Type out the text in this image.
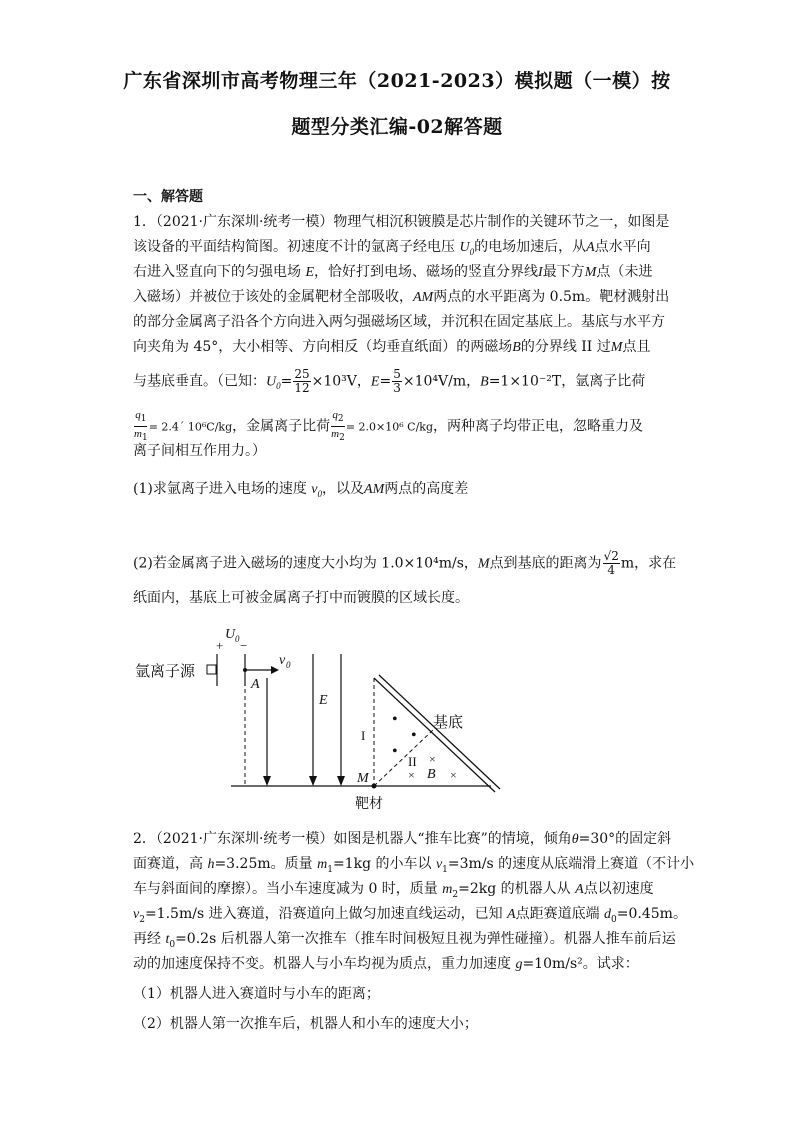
广东省深圳市高考物理三年（2021-2023）模拟题（一模）按
题型分类汇编-02解答题
一、解答题
1．（2021·广东深圳·统考一模）物理气相沉积镀膜是芯片制作的关键环节之一，如图是
该设备的平面结构简图。初速度不计的氩离子经电压 $U_0$的电场加速后，从A点水平向
右进入竖直向下的匀强电场 E，恰好打到电场、磁场的竖直分界线I最下方M点（未进
入磁场）并被位于该处的金属靶材全部吸收，AM两点的水平距离为 0.5m。靶材溅射出
的部分金属离子沿各个方向进入两匀强磁场区域，并沉积在固定基底上。基底与水平方
向夹角为 45°，大小相等、方向相反（均垂直纸面）的两磁场B的分界线 II 过M点且
与基底垂直。（已知：$U_0= \frac{25}{12} \times 10^3V$，$E= \frac{5}{3} \times 10^4V/m$，B=1×10⁻²T，氩离子比荷
$\frac{q_1}{m_1}$ = 2.4´ 10⁶C/kg，金属离子比荷 $\frac{q_2}{m_2} = 2.0\times 10^6$ C/kg，两种离子均带正电，忽略重力及
离子间相互作用力。）
(1)求氩离子进入电场的速度 $v_0$，以及AM两点的高度差
(2)若金属离子进入磁场的速度大小均为 1.0×10⁴m/s，M点到基底的距离为 $\frac{√2}{4}$ m，求在
纸面内，基底上可被金属离子打中而镀膜的区域长度。
U 0
+ −
氩离子源
v 0
A
E
基底
I
II
•
•
•	×
×	×
B
M
靶材
2．（2021·广东深圳·统考一模）如图是机器人“推车比赛”的情境，倾角θ=30°的固定斜
面赛道，高 h=3.25m。质量 $m_1=1kg$ 的小车以 $v_1=3m/s$ 的速度从底端滑上赛道（不计小
车与斜面间的摩擦）。当小车速度减为 0 时，质量 $m_2=2kg$ 的机器人从 A点以初速度
$v_2=1.5m/s$ 进入赛道，沿赛道向上做匀加速直线运动，已知 A点距赛道底端 $d_0=0.45m$。
再经 $t_0=0.2s$ 后机器人第一次推车（推车时间极短且视为弹性碰撞）。机器人推车前后运
动的加速度保持不变。机器人与小车均视为质点，重力加速度 g=10m/s²。试求：
（1）机器人进入赛道时与小车的距离；
（2）机器人第一次推车后，机器人和小车的速度大小；
